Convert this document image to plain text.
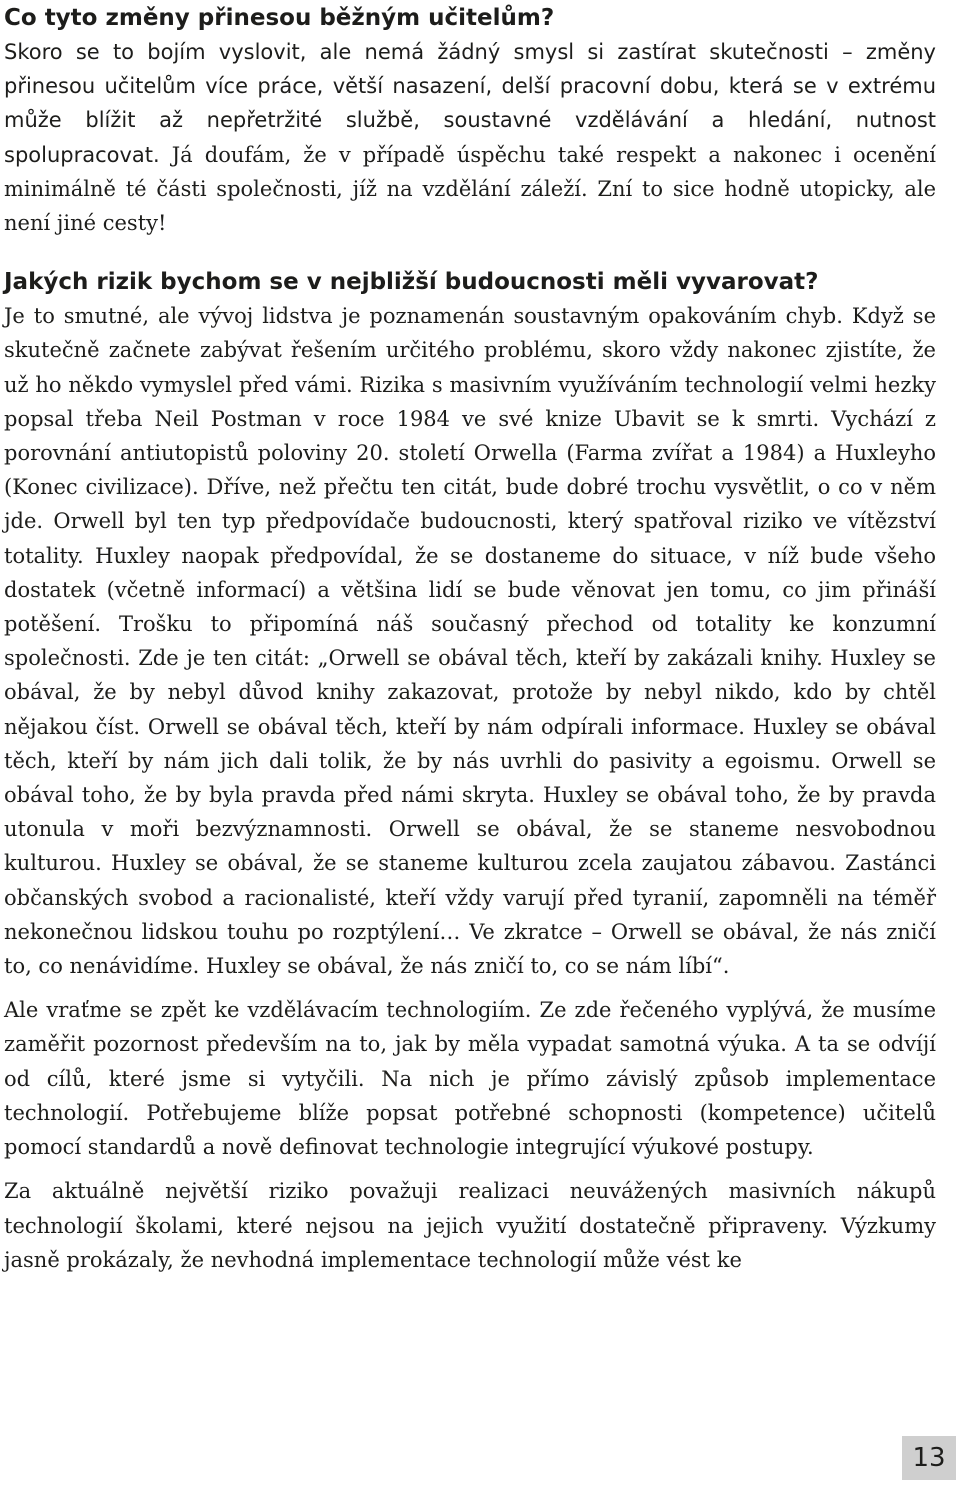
Co tyto změny přinesou běžným učitelům?

Skoro se to bojím vyslovit, ale nemá žádný smysl si zastírat skutečnosti – změny přinesou učitelům více práce, větší nasazení, delší pracovní dobu, která se v extrému může blížit až nepřetržité službě, soustavné vzdělávání a hledání, nutnost spolupracovat. Já doufám, že v případě úspěchu také respekt a nakonec i ocenění minimálně té části společnosti, jíž na vzdělání záleží. Zní to sice hodně utopicky, ale není jiné cesty!

Jakých rizik bychom se v nejbližší budoucnosti měli vyvarovat?

Je to smutné, ale vývoj lidstva je poznamenán soustavným opakováním chyb. Když se skutečně začnete zabývat řešením určitého problému, skoro vždy nakonec zjistíte, že už ho někdo vymyslel před vámi. Rizika s masivním využíváním technologií velmi hezky popsal třeba Neil Postman v roce 1984 ve své knize Ubavit se k smrti. Vychází z porovnání antiutopistů poloviny 20. století Orwella (Farma zvířat a 1984) a Huxleyho (Konec civilizace). Dříve, než přečtu ten citát, bude dobré trochu vysvětlit, o co v něm jde. Orwell byl ten typ předpovídače budoucnosti, který spatřoval riziko ve vítězství totality. Huxley naopak předpovídal, že se dostaneme do situace, v níž bude všeho dostatek (včetně informací) a většina lidí se bude věnovat jen tomu, co jim přináší potěšení. Trošku to připomíná náš současný přechod od totality ke konzumní společnosti. Zde je ten citát: „Orwell se obával těch, kteří by zakázali knihy. Huxley se obával, že by nebyl důvod knihy zakazovat, protože by nebyl nikdo, kdo by chtěl nějakou číst. Orwell se obával těch, kteří by nám odpírali informace. Huxley se obával těch, kteří by nám jich dali tolik, že by nás uvrhli do pasivity a egoismu. Orwell se obával toho, že by byla pravda před námi skryta. Huxley se obával toho, že by pravda utonula v moři bezvýznamnosti. Orwell se obával, že se staneme nesvobodnou kulturou. Huxley se obával, že se staneme kulturou zcela zaujatou zábavou. Zastánci občanských svobod a racionalisté, kteří vždy varují před tyranií, zapomněli na téměř nekonečnou lidskou touhu po rozptýlení… Ve zkratce – Orwell se obával, že nás zničí to, co nenávidíme. Huxley se obával, že nás zničí to, co se nám líbí“.

Ale vraťme se zpět ke vzdělávacím technologiím. Ze zde řečeného vyplývá, že musíme zaměřit pozornost především na to, jak by měla vypadat samotná výuka. A ta se odvíjí od cílů, které jsme si vytyčili. Na nich je přímo závislý způsob implementace technologií. Potřebujeme blíže popsat potřebné schopnosti (kompetence) učitelů pomocí standardů a nově definovat technologie integrující výukové postupy.

Za aktuálně největší riziko považuji realizaci neuvážených masivních nákupů technologií školami, které nejsou na jejich využití dostatečně připraveny. Výzkumy jasně prokázaly, že nevhodná implementace technologií může vést ke

13
